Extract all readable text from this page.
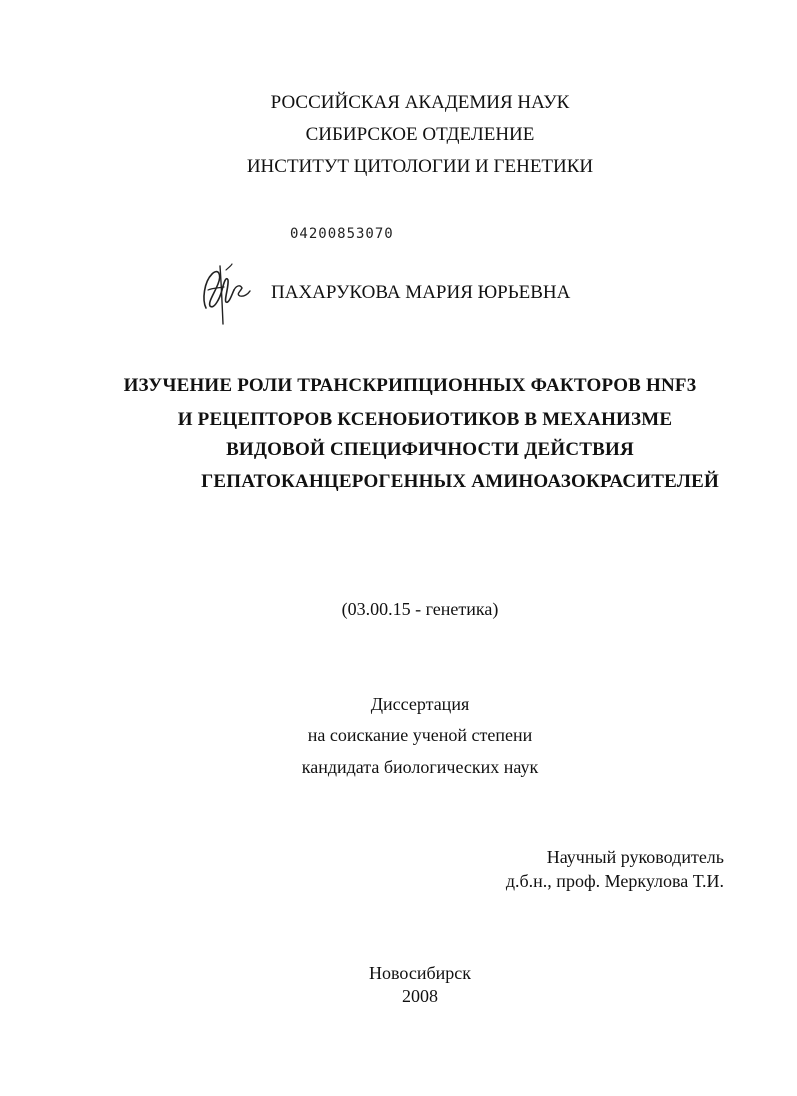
РОССИЙСКАЯ АКАДЕМИЯ НАУК
СИБИРСКОЕ ОТДЕЛЕНИЕ
ИНСТИТУТ ЦИТОЛОГИИ И ГЕНЕТИКИ
04200853070
ПАХАРУКОВА МАРИЯ ЮРЬЕВНА
ИЗУЧЕНИЕ РОЛИ ТРАНСКРИПЦИОННЫХ ФАКТОРОВ HNF3
И РЕЦЕПТОРОВ КСЕНОБИОТИКОВ В МЕХАНИЗМЕ
ВИДОВОЙ СПЕЦИФИЧНОСТИ ДЕЙСТВИЯ
ГЕПАТОКАНЦЕРОГЕННЫХ АМИНОАЗОКРАСИТЕЛЕЙ
(03.00.15 - генетика)
Диссертация
на соискание ученой степени
кандидата биологических наук
Научный руководитель
д.б.н., проф. Меркулова Т.И.
Новосибирск
2008
